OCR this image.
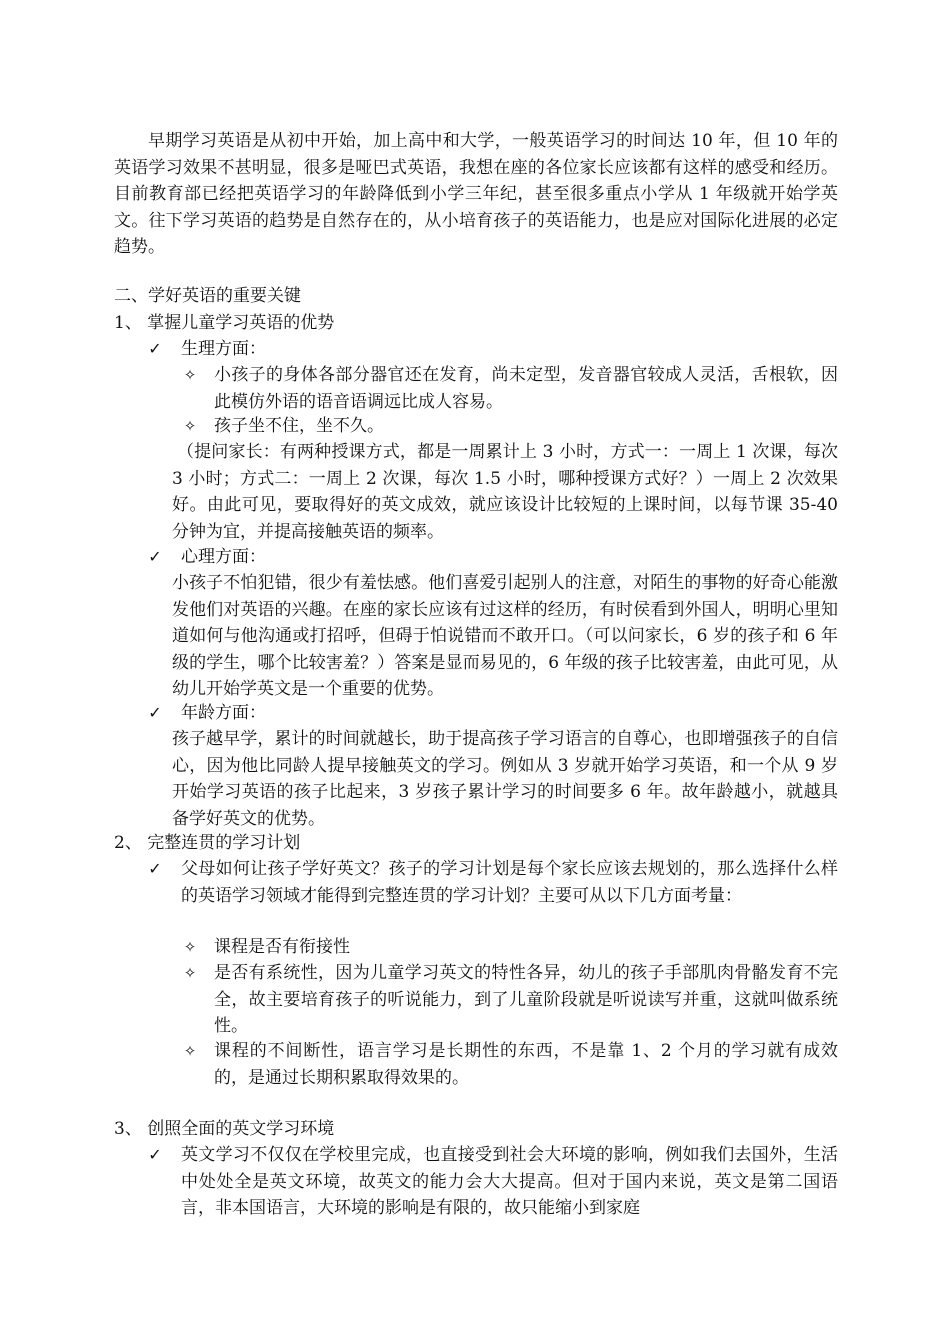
早期学习英语是从初中开始，加上高中和大学，一般英语学习的时间达 10 年，但 10 年的英语学习效果不甚明显，很多是哑巴式英语，我想在座的各位家长应该都有这样的感受和经历。目前教育部已经把英语学习的年龄降低到小学三年纪，甚至很多重点小学从 1 年级就开始学英文。往下学习英语的趋势是自然存在的，从小培育孩子的英语能力，也是应对国际化进展的必定趋势。

二、学好英语的重要关键

1、 掌握儿童学习英语的优势

✓ 生理方面：

✧ 小孩子的身体各部分器官还在发育，尚未定型，发音器官较成人灵活，舌根软，因此模仿外语的语音语调远比成人容易。

✧ 孩子坐不住，坐不久。

（提问家长：有两种授课方式，都是一周累计上 3 小时，方式一：一周上 1 次课，每次 3 小时；方式二：一周上 2 次课，每次 1.5 小时，哪种授课方式好？）一周上 2 次效果好。由此可见，要取得好的英文成效，就应该设计比较短的上课时间，以每节课 35-40 分钟为宜，并提高接触英语的频率。

✓ 心理方面：

小孩子不怕犯错，很少有羞怯感。他们喜爱引起别人的注意，对陌生的事物的好奇心能激发他们对英语的兴趣。在座的家长应该有过这样的经历，有时侯看到外国人，明明心里知道如何与他沟通或打招呼，但碍于怕说错而不敢开口。（可以问家长，6 岁的孩子和 6 年级的学生，哪个比较害羞？）答案是显而易见的，6 年级的孩子比较害羞，由此可见，从幼儿开始学英文是一个重要的优势。

✓ 年龄方面：

孩子越早学，累计的时间就越长，助于提高孩子学习语言的自尊心，也即增强孩子的自信心，因为他比同龄人提早接触英文的学习。例如从 3 岁就开始学习英语，和一个从 9 岁开始学习英语的孩子比起来，3 岁孩子累计学习的时间要多 6 年。故年龄越小，就越具备学好英文的优势。

2、 完整连贯的学习计划

✓ 父母如何让孩子学好英文？孩子的学习计划是每个家长应该去规划的，那么选择什么样的英语学习领域才能得到完整连贯的学习计划？主要可从以下几方面考量：

✧ 课程是否有衔接性

✧ 是否有系统性，因为儿童学习英文的特性各异，幼儿的孩子手部肌肉骨骼发育不完全，故主要培育孩子的听说能力，到了儿童阶段就是听说读写并重，这就叫做系统性。

✧ 课程的不间断性，语言学习是长期性的东西，不是靠 1、2 个月的学习就有成效的，是通过长期积累取得效果的。

3、 创照全面的英文学习环境

✓ 英文学习不仅仅在学校里完成，也直接受到社会大环境的影响，例如我们去国外，生活中处处全是英文环境，故英文的能力会大大提高。但对于国内来说，英文是第二国语言，非本国语言，大环境的影响是有限的，故只能缩小到家庭
